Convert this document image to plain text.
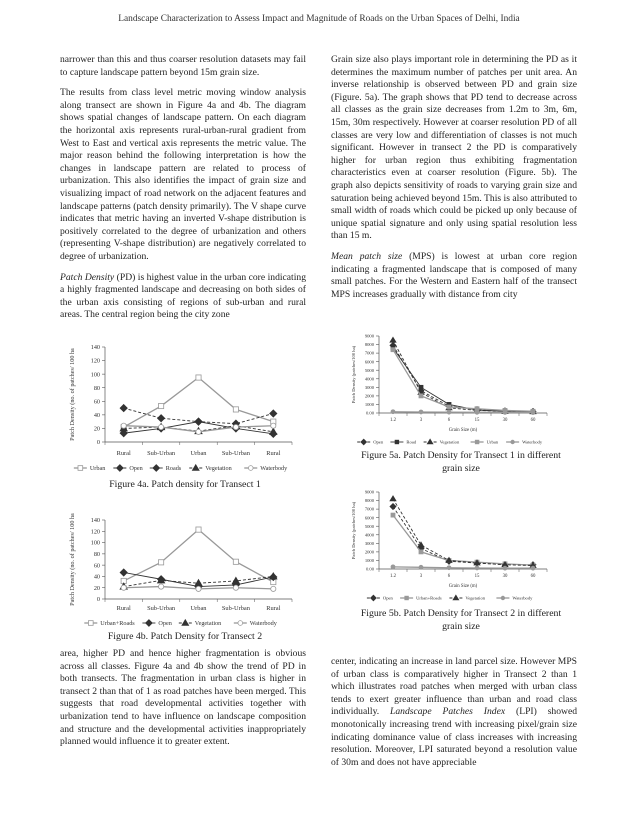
Landscape Characterization to Assess Impact and Magnitude of Roads on the Urban Spaces of Delhi, India

narrower than this and thus coarser resolution datasets may fail to capture landscape pattern beyond 15m grain size.

The results from class level metric moving window analysis along transect are shown in Figure 4a and 4b. The diagram shows spatial changes of landscape pattern. On each diagram the horizontal axis represents rural-urban-rural gradient from West to East and vertical axis represents the metric value. The major reason behind the following interpretation is how the changes in landscape pattern are related to process of urbanization. This also identifies the impact of grain size and visualizing impact of road network on the adjacent features and landscape patterns (patch density primarily). The V shape curve indicates that metric having an inverted V-shape distribution is positively correlated to the degree of urbanization and others (representing V-shape distribution) are negatively correlated to degree of urbanization.

Patch Density (PD) is highest value in the urban core indicating a highly fragmented landscape and decreasing on both sides of the urban axis consisting of regions of sub-urban and rural areas. The central region being the city zone

Grain size also plays important role in determining the PD as it determines the maximum number of patches per unit area. An inverse relationship is observed between PD and grain size (Figure. 5a). The graph shows that PD tend to decrease across all classes as the grain size decreases from 1.2m to 3m, 6m, 15m, 30m respectively. However at coarser resolution PD of all classes are very low and differentiation of classes is not much significant. However in transect 2 the PD is comparatively higher for urban region thus exhibiting fragmentation characteristics even at coarser resolution (Figure. 5b). The graph also depicts sensitivity of roads to varying grain size and saturation being achieved beyond 15m. This is also attributed to small width of roads which could be picked up only because of unique spatial signature and only using spatial resolution less than 15 m.

Mean patch size (MPS) is lowest at urban core region indicating a fragmented landscape that is composed of many small patches. For the Western and Eastern half of the transect MPS increases gradually with distance from city

0
20
40
60
80
100
120
140
Patch Density (no. of patches/ 100 ha
Rural	Sub-Urban Urban Sub-Urban	Rural
Urban	Open	Roads	Vegetation	Waterbody
Figure 4a. Patch density for Transect 1
0
20
40
60
80
100
120
140
Patch Density (no. of patches/ 100 ha
Rural	Sub-Urban Urban Sub-Urban	Rural
Urban+Roads	Open	Vegetation	Waterbody
Figure 4b. Patch Density for Transect 2
0.00
1000
2000
3000
4000
5000
6000
7000
8000
9000
Patch Density (patches/100 ha)
1.2	3	6	15	30	60
Grain Size (m)
Open	Road	Vegetation	Urban	Waterbody
Figure 5a. Patch Density for Transect 1 in different grain size
0.00
1000
2000
3000
4000
5000
6000
7000
8000
9000
Patch Density (patches/100 ha)
1.2	3	6	15	30	60
Grain Size (m)
Open	Urban+Roads	Vegetation	Waterbody
Figure 5b. Patch Density for Transect 2 in different grain size

area, higher PD and hence higher fragmentation is obvious across all classes. Figure 4a and 4b show the trend of PD in both transects. The fragmentation in urban class is higher in transect 2 than that of 1 as road patches have been merged. This suggests that road developmental activities together with urbanization tend to have influence on landscape composition and structure and the developmental activities inappropriately planned would influence it to greater extent.

center, indicating an increase in land parcel size. However MPS of urban class is comparatively higher in Transect 2 than 1 which illustrates road patches when merged with urban class tends to exert greater influence than urban and road class individually. Landscape Patches Index (LPI) showed monotonically increasing trend with increasing pixel/grain size indicating dominance value of class increases with increasing resolution. Moreover, LPI saturated beyond a resolution value of 30m and does not have appreciable
